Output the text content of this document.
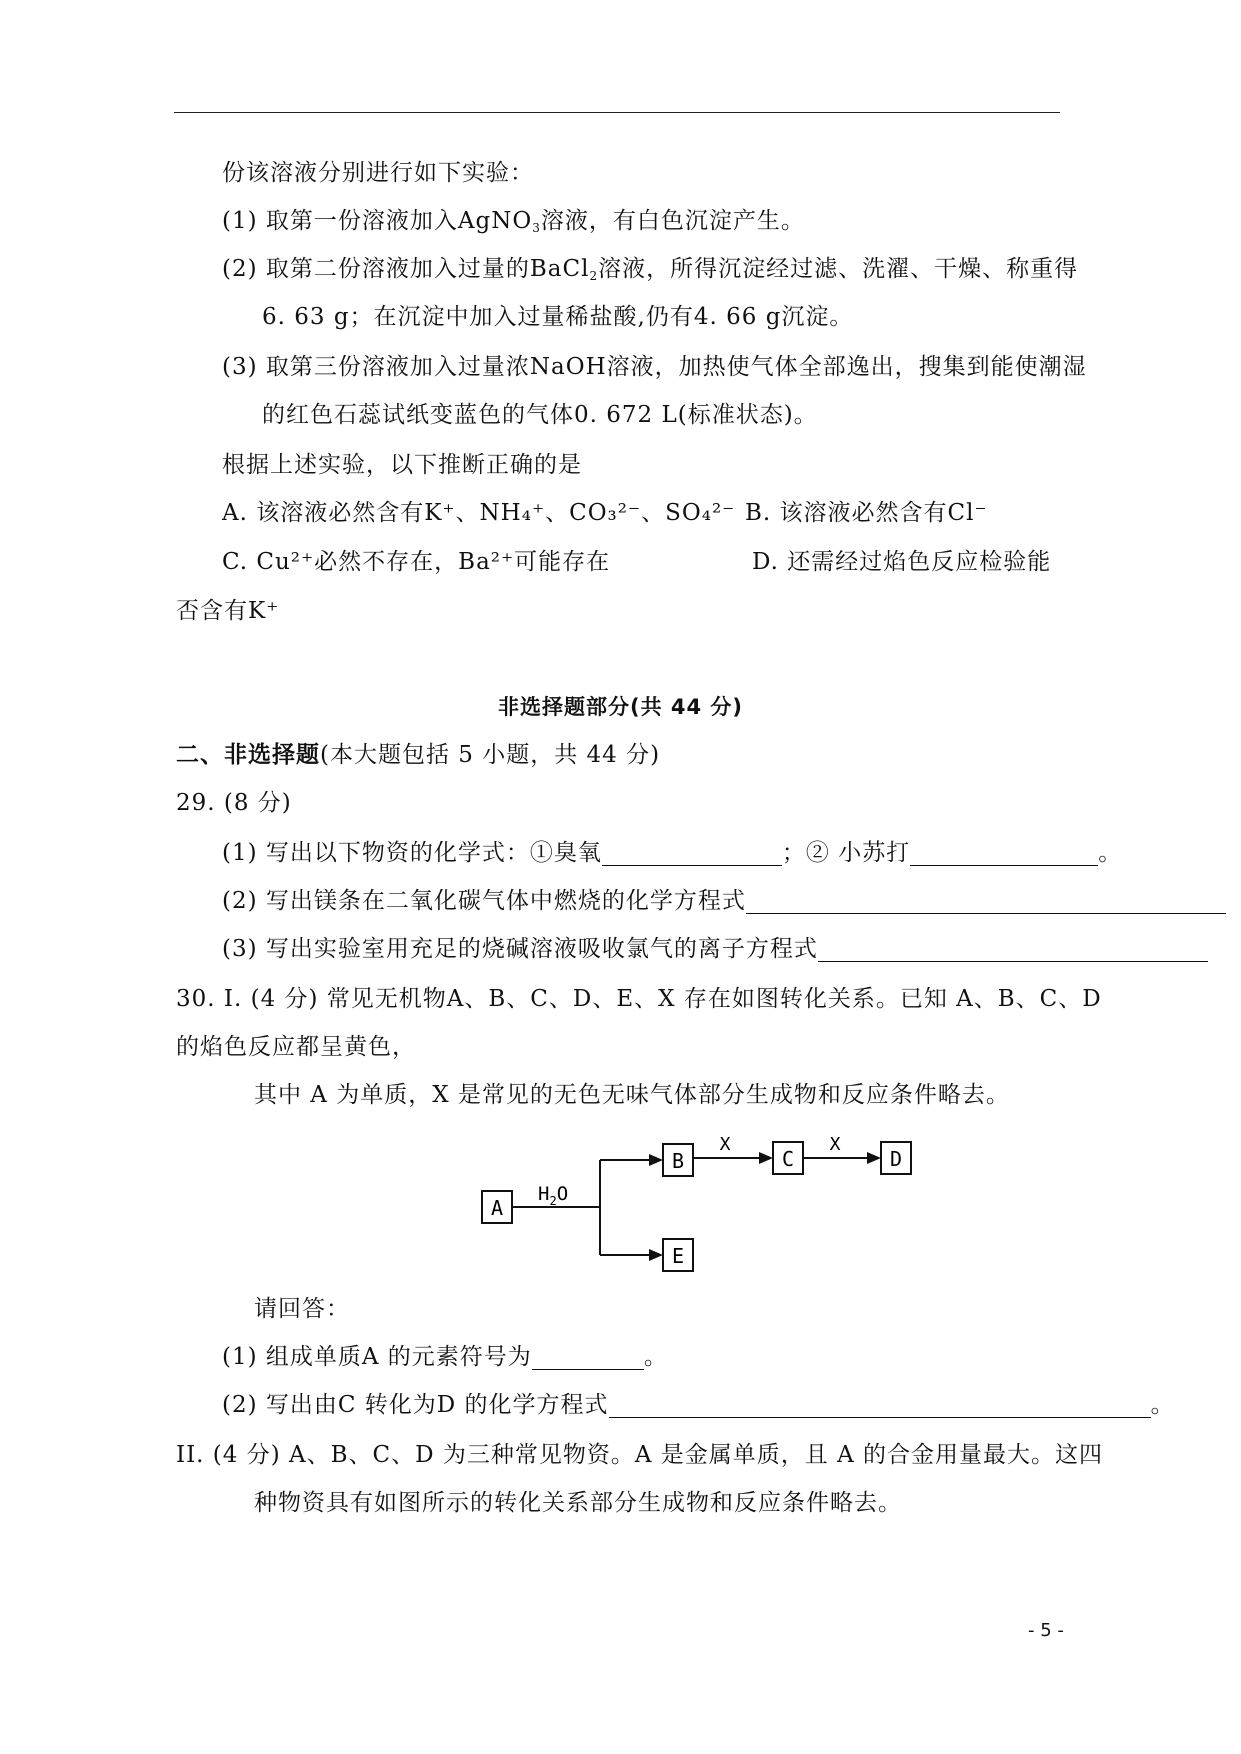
份该溶液分别进行如下实验：
(1) 取第一份溶液加入AgNO$_3$溶液，有白色沉淀产生。
(2) 取第二份溶液加入过量的BaCl$_2$溶液，所得沉淀经过滤、洗濯、干燥、称重得
6. 63 g；在沉淀中加入过量稀盐酸,仍有4. 66 g沉淀。
(3) 取第三份溶液加入过量浓NaOH溶液，加热使气体全部逸出，搜集到能使潮湿
的红色石蕊试纸变蓝色的气体0. 672 L(标准状态)。
根据上述实验，以下推断正确的是
A. 该溶液必然含有K⁺、NH₄⁺、CO₃²⁻、SO₄²⁻ B. 该溶液必然含有Cl⁻
C. Cu²⁺必然不存在，Ba²⁺可能存在	D. 还需经过焰色反应检验能
否含有K⁺
非选择题部分(共 44 分)
二、非选择题(本大题包括 5 小题，共 44 分)
29. (8 分)
(1) 写出以下物资的化学式：①臭氧	；② 小苏打	。
(2) 写出镁条在二氧化碳气体中燃烧的化学方程式
(3) 写出实验室用充足的烧碱溶液吸收氯气的离子方程式
30. I. (4 分) 常见无机物A、B、C、D、E、X 存在如图转化关系。已知 A、B、C、D
的焰色反应都呈黄色，
其中 A 为单质，X 是常见的无色无味气体部分生成物和反应条件略去。
A
$H_2O$
B
X
C
X
D
E
请回答：
(1) 组成单质A 的元素符号为	。
(2) 写出由C 转化为D 的化学方程式	。
II. (4 分) A、B、C、D 为三种常见物资。A 是金属单质，且 A 的合金用量最大。这四
种物资具有如图所示的转化关系部分生成物和反应条件略去。
- 5 -
